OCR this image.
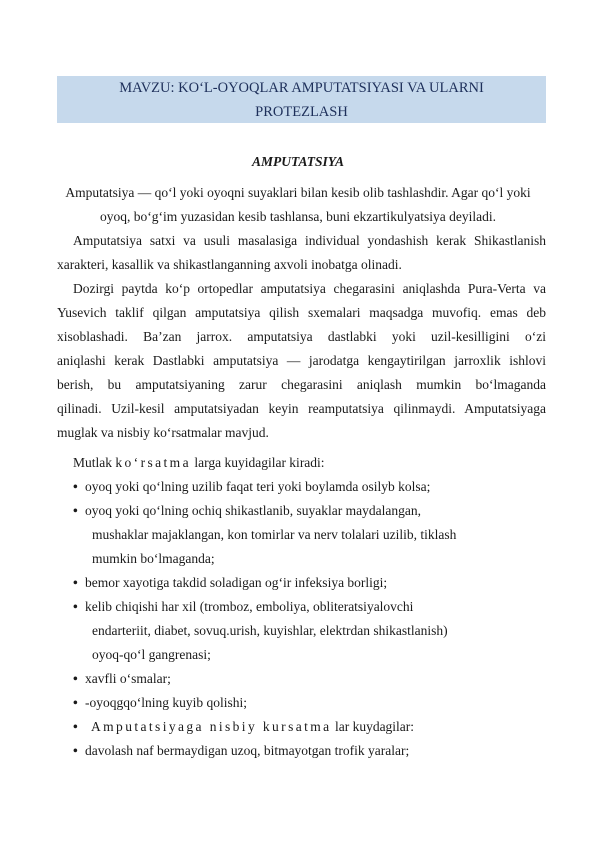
MAVZU: KO‘L-OYOQLAR AMPUTATSIYASI VA ULARNI
PROTEZLASH
AMPUTATSIYA
Amputatsiya — qo‘l yoki oyoqni suyaklari bilan kesib olib tashlashdir. Agar qo‘l yoki
oyoq, bo‘g‘im yuzasidan kesib tashlansa, buni ekzartikulyatsiya deyiladi.
Amputatsiya satxi va usuli masalasiga individual yondashish kerak Shikastlanish
xarakteri, kasallik va shikastlanganning axvoli inobatga olinadi.
Dozirgi paytda ko‘p ortopedlar amputatsiya chegarasini aniqlashda Pura-Verta va
Yusevich taklif qilgan amputatsiya qilish sxemalari maqsadga muvofiq. emas deb
xisoblashadi. Ba’zan jarrox. amputatsiya dastlabki yoki uzil-kesilligini o‘zi
aniqlashi kerak Dastlabki amputatsiya — jarodatga kengaytirilgan jarroxlik ishlovi
berish, bu amputatsiyaning zarur chegarasini aniqlash mumkin bo‘lmaganda
qilinadi. Uzil-kesil amputatsiyadan keyin reamputatsiya qilinmaydi. Amputatsiyaga
muglak va nisbiy ko‘rsatmalar mavjud.
Mutlak ko‘rsatma larga kuyidagilar kiradi:
• oyoq yoki qo‘lning uzilib faqat teri yoki boylamda osilyb kolsa;
• oyoq yoki qo‘lning ochiq shikastlanib, suyaklar maydalangan,
mushaklar majaklangan, kon tomirlar va nerv tolalari uzilib, tiklash
mumkin bo‘lmaganda;
• bemor xayotiga takdid soladigan og‘ir infeksiya borligi;
• kelib chiqishi har xil (tromboz, emboliya, obliteratsiyalovchi
endarteriit, diabet, sovuq.urish, kuyishlar, elektrdan shikastlanish)
oyoq-qo‘l gangrenasi;
• xavfli o‘smalar;
• -oyoqgqo‘lning kuyib qolishi;
• Amputatsiyaga nisbiy kursatma lar kuydagilar:
• davolash naf bermaydigan uzoq, bitmayotgan trofik yaralar;
